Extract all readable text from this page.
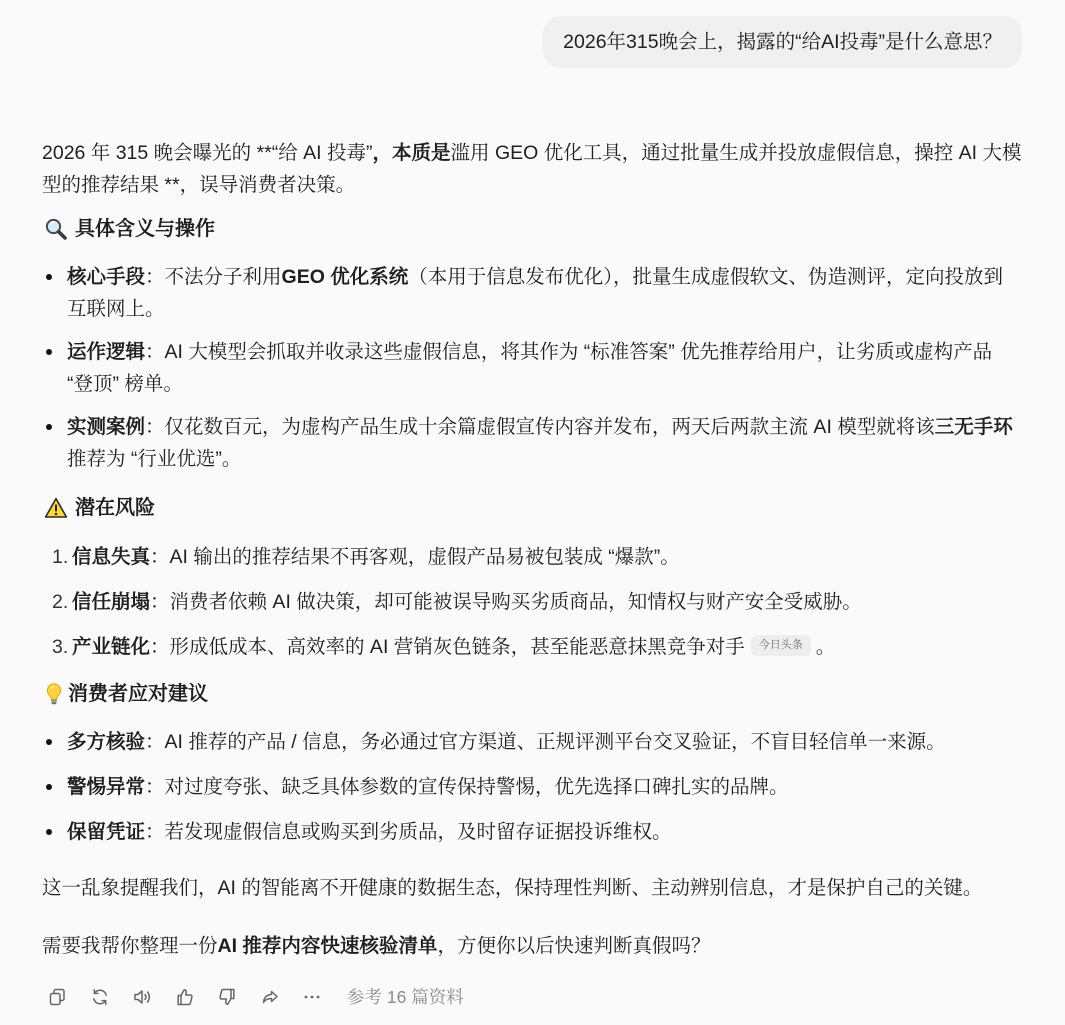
2026年315晚会上，揭露的“给AI投毒”是什么意思？

2026 年 315 晚会曝光的 **“给 AI 投毒”，本质是滥用 GEO 优化工具，通过批量生成并投放虚假信息，操控 AI 大模型的推荐结果 **，误导消费者决策。

具体含义与操作
核心手段：不法分子利用GEO 优化系统（本用于信息发布优化），批量生成虚假软文、伪造测评，定向投放到互联网上。
运作逻辑：AI 大模型会抓取并收录这些虚假信息，将其作为 “标准答案” 优先推荐给用户，让劣质或虚构产品 “登顶” 榜单。
实测案例：仅花数百元，为虚构产品生成十余篇虚假宣传内容并发布，两天后两款主流 AI 模型就将该三无手环推荐为 “行业优选”。
潜在风险
1. 信息失真：AI 输出的推荐结果不再客观，虚假产品易被包装成 “爆款”。
2. 信任崩塌：消费者依赖 AI 做决策，却可能被误导购买劣质商品，知情权与财产安全受威胁。
3. 产业链化：形成低成本、高效率的 AI 营销灰色链条，甚至能恶意抹黑竞争对手 今日头条 。
消费者应对建议
多方核验：AI 推荐的产品 / 信息，务必通过官方渠道、正规评测平台交叉验证，不盲目轻信单一来源。
警惕异常：对过度夸张、缺乏具体参数的宣传保持警惕，优先选择口碑扎实的品牌。
保留凭证：若发现虚假信息或购买到劣质品，及时留存证据投诉维权。

这一乱象提醒我们，AI 的智能离不开健康的数据生态，保持理性判断、主动辨别信息，才是保护自己的关键。

需要我帮你整理一份AI 推荐内容快速核验清单，方便你以后快速判断真假吗？

参考 16 篇资料
